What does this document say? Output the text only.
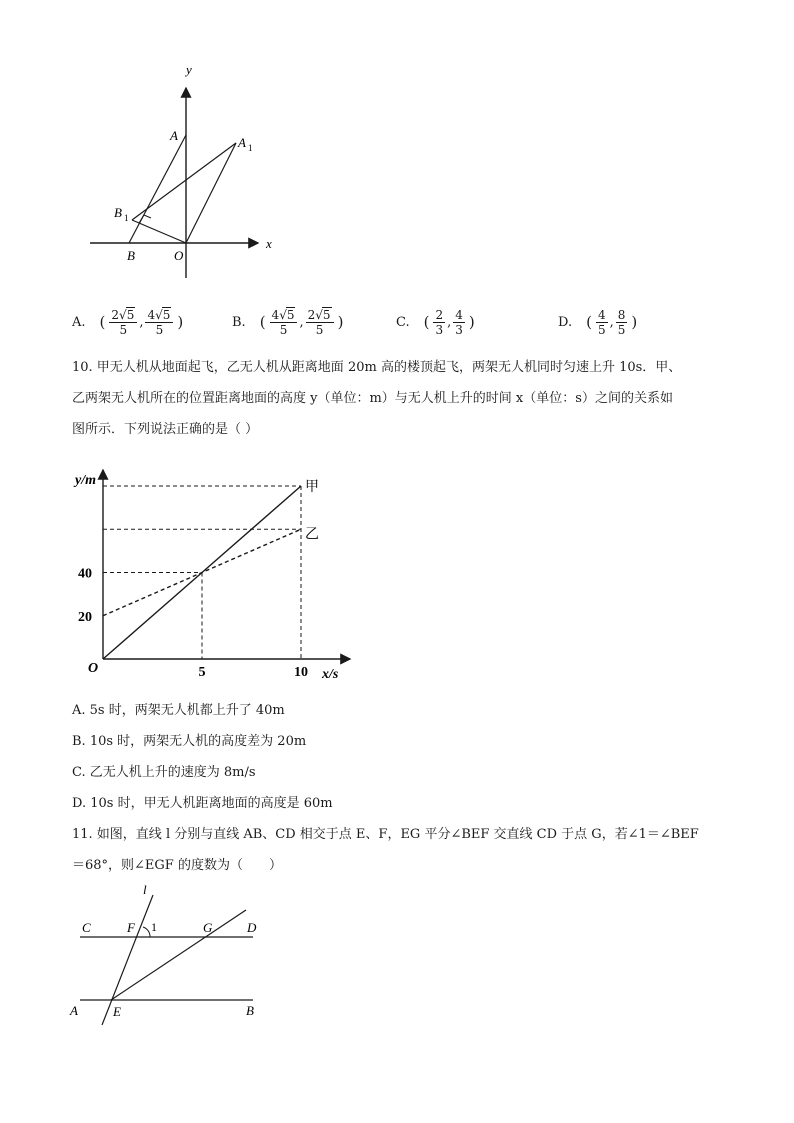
y
x
A	A 1
B 1
B	O
A. ( $\frac{2 √ 5}{5}$ , $\frac{4 √ 5}{5}$ )	B. ( $\frac{4 √ 5}{5}$ , $\frac{2 √ 5}{5}$ )	C. ( $\frac{2}{3}$ , $\frac{4}{3}$ )	D. ( $\frac{4}{5}$ , $\frac{8}{5}$ )
10. 甲无人机从地面起飞，乙无人机从距离地面 20m 高的楼顶起飞，两架无人机同时匀速上升 10s．甲、
乙两架无人机所在的位置距离地面的高度 y（单位：m）与无人机上升的时间 x（单位：s）之间的关系如
图所示．下列说法正确的是（ ）
20
40
5	10
甲
乙
y/m
x/s
O
A. 5s 时，两架无人机都上升了 40m
B. 10s 时，两架无人机的高度差为 20m
C. 乙无人机上升的速度为 8m/s
D. 10s 时，甲无人机距离地面的高度是 60m
11. 如图，直线 l 分别与直线 AB、CD 相交于点 E、F，EG 平分∠BEF 交直线 CD 于点 G，若∠1＝∠BEF
＝68°，则∠EGF 的度数为（　　）
l
C	F 1	G	D
A	E	B
